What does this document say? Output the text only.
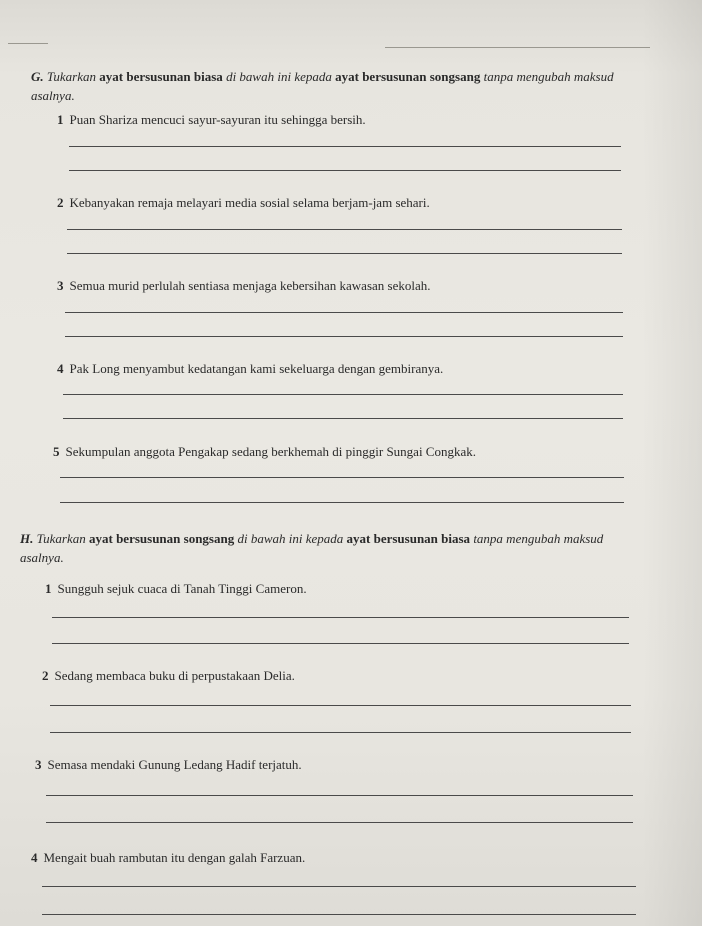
G. Tukarkan ayat bersusunan biasa di bawah ini kepada ayat bersusunan songsang tanpa mengubah maksud asalnya.
1 Puan Shariza mencuci sayur-sayuran itu sehingga bersih.
2 Kebanyakan remaja melayari media sosial selama berjam-jam sehari.
3 Semua murid perlulah sentiasa menjaga kebersihan kawasan sekolah.
4 Pak Long menyambut kedatangan kami sekeluarga dengan gembiranya.
5 Sekumpulan anggota Pengakap sedang berkhemah di pinggir Sungai Congkak.
H. Tukarkan ayat bersusunan songsang di bawah ini kepada ayat bersusunan biasa tanpa mengubah maksud asalnya.
1 Sungguh sejuk cuaca di Tanah Tinggi Cameron.
2 Sedang membaca buku di perpustakaan Delia.
3 Semasa mendaki Gunung Ledang Hadif terjatuh.
4 Mengait buah rambutan itu dengan galah Farzuan.
